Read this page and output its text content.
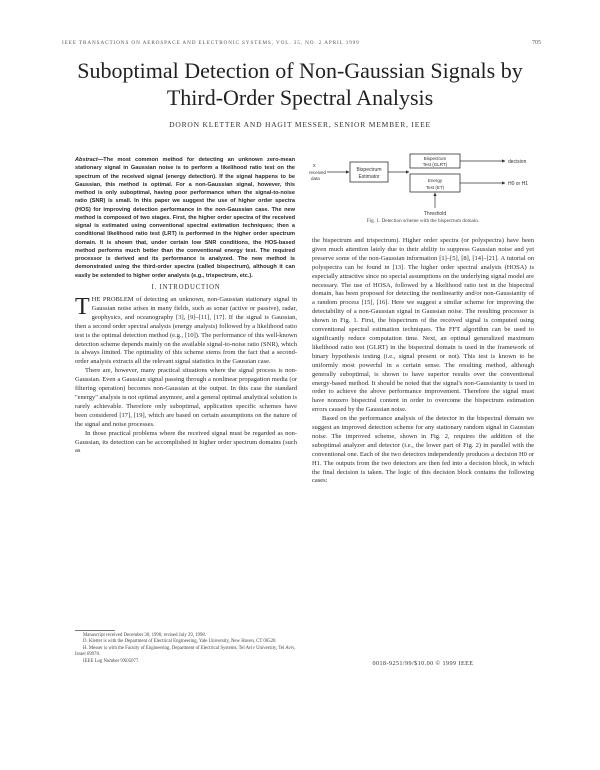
IEEE TRANSACTIONS ON AEROSPACE AND ELECTRONIC SYSTEMS, VOL. 35, NO. 2 APRIL 1999	705
Suboptimal Detection of Non-Gaussian Signals by
Third-Order Spectral Analysis
DORON KLETTER AND HAGIT MESSER, SENIOR MEMBER, IEEE
Abstract—The most common method for detecting an unknown zero-mean stationary signal in Gaussian noise is to perform a likelihood ratio test on the spectrum of the received signal (energy detection). If the signal happens to be Gaussian, this method is optimal. For a non-Gaussian signal, however, this method is only suboptimal, having poor performance when the signal-to-noise ratio (SNR) is small. In this paper we suggest the use of higher order spectra (HOS) for improving detection performance in the non-Gaussian case. The new method is composed of two stages. First, the higher order spectra of the received signal is estimated using conventional spectral estimation techniques; then a conditional likelihood ratio test (LRT) is performed in the higher order spectrum domain. It is shown that, under certain low SNR conditions, the HOS-based method performs much better than the conventional energy test. The required processor is derived and its performance is analyzed. The new method is demonstrated using the third-order spectra (called bispectrum), although it can easily be extended to higher order analysis (e.g., trispectrum, etc.).
I. INTRODUCTION

THE PROBLEM of detecting an unknown, non-Gaussian stationary signal in Gaussian noise arises in many fields, such as sonar (active or passive), radar, geophysics, and oceanography [3], [9]–[11], [17]. If the signal is Gaussian, then a second order spectral analysis (energy analysis) followed by a likelihood ratio test is the optimal detection method (e.g., [10]). The performance of this well-known detection scheme depends mainly on the available signal-to-noise ratio (SNR), which is always limited. The optimality of this scheme stems from the fact that a second-order analysis extracts all the relevant signal statistics in the Gaussian case.

There are, however, many practical situations where the signal process is non-Gaussian. Even a Gaussian signal passing through a nonlinear propagation media (or filtering operation) becomes non-Gaussian at the output. In this case the standard "energy" analysis is not optimal anymore, and a general optimal analytical solution is rarely achievable. Therefore only suboptimal, application specific schemes have been considered [17], [19], which are based on certain assumptions on the nature of the signal and noise processes.

In those practical problems where the received signal must be regarded as non-Gaussian, its detection can be accomplished in higher order spectrum domains (such as

Manuscript received December 30, 1996; revised July 29, 1998.
D. Kletter is with the Department of Electrical Engineering, Yale University, New Haven, CT 06520.
H. Messer is with the Faculty of Engineering, Department of Electrical Systems, Tel Aviv University, Tel Aviv, Israel 69978.
IEEE Log Number 9X05077.
x
received
data
Bispectrum
Estimator
Bispectrum
Test (GLRT)
Energy
Test (ET)
decision
H0 or H1
Threshold
Fig. 1. Detection scheme with the bispectrum domain.

the bispectrum and trispectrum). Higher order spectra (or polyspectra) have been given much attention lately due to their ability to suppress Gaussian noise and yet preserve some of the non-Gaussian information [1]–[5], [8], [14]–[21]. A tutorial on polyspectra can be found in [13]. The higher order spectral analysis (HOSA) is especially attractive since no special assumptions on the underlying signal model are necessary. The use of HOSA, followed by a likelihood ratio test in the bispectral domain, has been proposed for detecting the nonlinearity and/or non-Gaussianity of a random process [15], [16]. Here we suggest a similar scheme for improving the detectability of a non-Gaussian signal in Gaussian noise. The resulting processor is shown in Fig. 1. First, the bispectrum of the received signal is computed using conventional spectral estimation techniques. The FFT algorithm can be used to significantly reduce computation time. Next, an optimal generalized maximum likelihood ratio test (GLRT) in the bispectral domain is used in the framework of binary hypothesis testing (i.e., signal present or not). This test is known to be uniformly most powerful in a certain sense. The resulting method, although generally suboptimal, is shown to have superior results over the conventional energy-based method. It should be noted that the signal's non-Gaussianity is used in order to achieve the above performance improvement. Therefore the signal must have nonzero bispectral content in order to overcome the bispectrum estimation errors caused by the Gaussian noise.

Based on the performance analysis of the detector in the bispectral domain we suggest an improved detection scheme for any stationary random signal in Gaussian noise. The improved scheme, shown in Fig. 2, requires the addition of the suboptimal analyzer and detector (i.e., the lower part of Fig. 2) in parallel with the conventional one. Each of the two detectors independently produces a decision H0 or H1. The outputs from the two detectors are then fed into a decision block, in which the final decision is taken. The logic of this decision block contains the following cases:

0018-9251/99/$10.00 © 1999 IEEE
